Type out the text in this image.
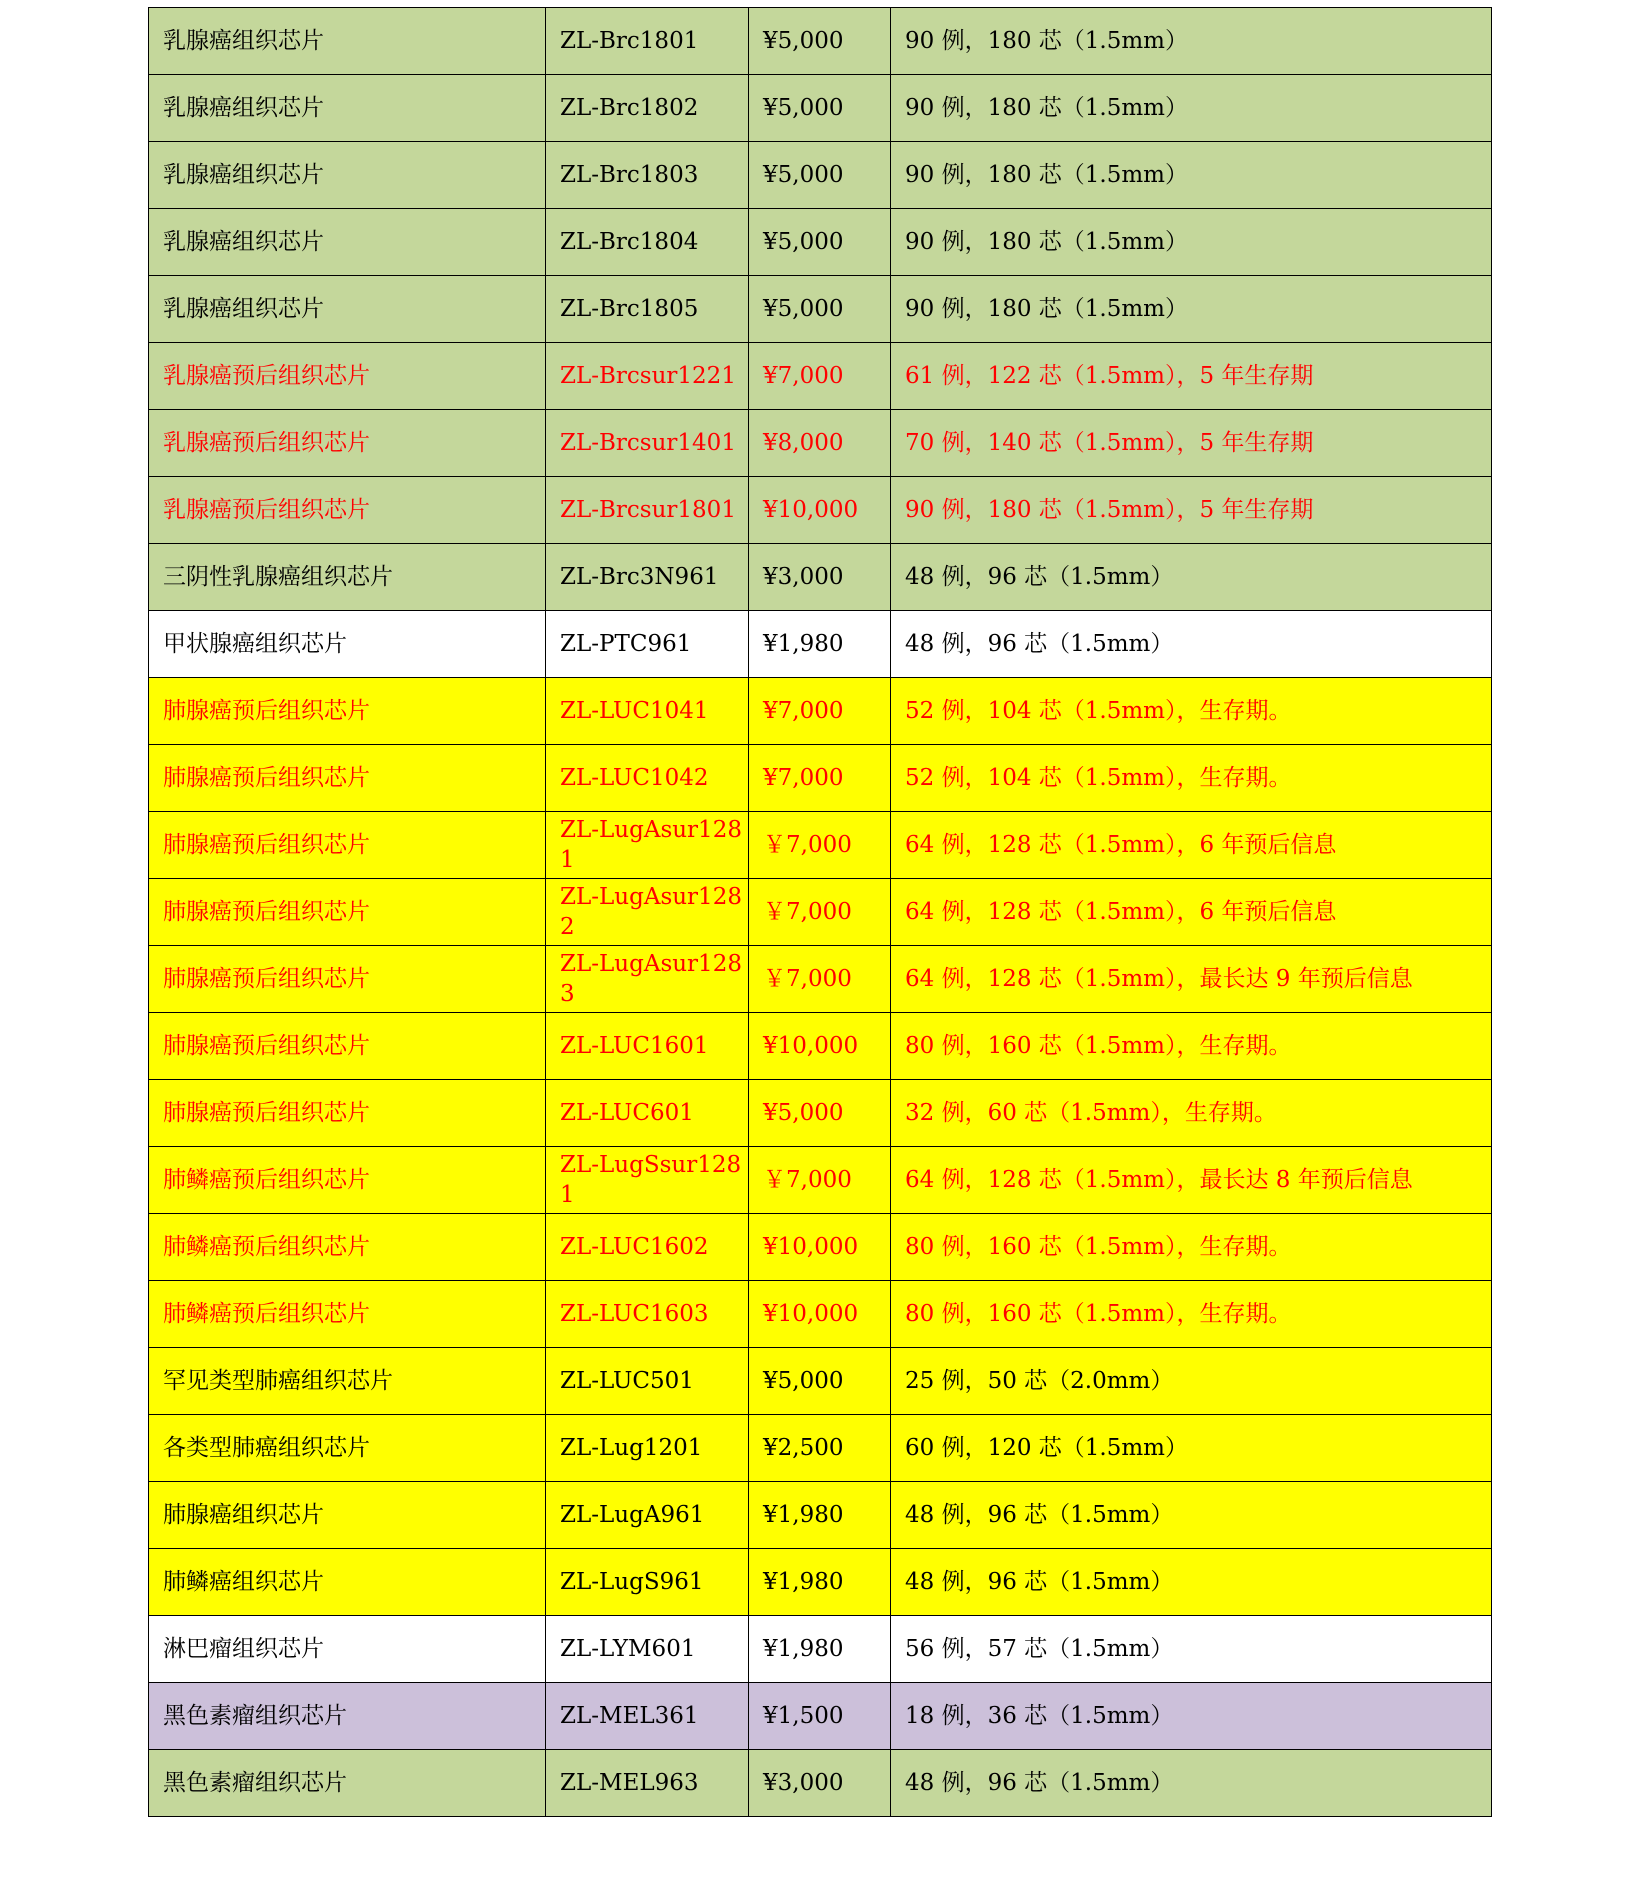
乳腺癌组织芯片	ZL-Brc1801	¥5,000	90 例，180 芯（1.5mm）
乳腺癌组织芯片	ZL-Brc1802	¥5,000	90 例，180 芯（1.5mm）
乳腺癌组织芯片	ZL-Brc1803	¥5,000	90 例，180 芯（1.5mm）
乳腺癌组织芯片	ZL-Brc1804	¥5,000	90 例，180 芯（1.5mm）
乳腺癌组织芯片	ZL-Brc1805	¥5,000	90 例，180 芯（1.5mm）
乳腺癌预后组织芯片	ZL-Brcsur1221	¥7,000	61 例，122 芯（1.5mm），5 年生存期
乳腺癌预后组织芯片	ZL-Brcsur1401	¥8,000	70 例，140 芯（1.5mm），5 年生存期
乳腺癌预后组织芯片	ZL-Brcsur1801	¥10,000	90 例，180 芯（1.5mm），5 年生存期
三阴性乳腺癌组织芯片	ZL-Brc3N961	¥3,000	48 例，96 芯（1.5mm）
甲状腺癌组织芯片	ZL-PTC961	¥1,980	48 例，96 芯（1.5mm）
肺腺癌预后组织芯片	ZL-LUC1041	¥7,000	52 例，104 芯（1.5mm），生存期。
肺腺癌预后组织芯片	ZL-LUC1042	¥7,000	52 例，104 芯（1.5mm），生存期。
肺腺癌预后组织芯片	ZL-LugAsur1281	￥7,000	64 例，128 芯（1.5mm），6 年预后信息
肺腺癌预后组织芯片	ZL-LugAsur1282	￥7,000	64 例，128 芯（1.5mm），6 年预后信息
肺腺癌预后组织芯片	ZL-LugAsur1283	￥7,000	64 例，128 芯（1.5mm），最长达 9 年预后信息
肺腺癌预后组织芯片	ZL-LUC1601	¥10,000	80 例，160 芯（1.5mm），生存期。
肺腺癌预后组织芯片	ZL-LUC601	¥5,000	32 例，60 芯（1.5mm），生存期。
肺鳞癌预后组织芯片	ZL-LugSsur1281	￥7,000	64 例，128 芯（1.5mm），最长达 8 年预后信息
肺鳞癌预后组织芯片	ZL-LUC1602	¥10,000	80 例，160 芯（1.5mm），生存期。
肺鳞癌预后组织芯片	ZL-LUC1603	¥10,000	80 例，160 芯（1.5mm），生存期。
罕见类型肺癌组织芯片	ZL-LUC501	¥5,000	25 例，50 芯（2.0mm）
各类型肺癌组织芯片	ZL-Lug1201	¥2,500	60 例，120 芯（1.5mm）
肺腺癌组织芯片	ZL-LugA961	¥1,980	48 例，96 芯（1.5mm）
肺鳞癌组织芯片	ZL-LugS961	¥1,980	48 例，96 芯（1.5mm）
淋巴瘤组织芯片	ZL-LYM601	¥1,980	56 例，57 芯（1.5mm）
黑色素瘤组织芯片	ZL-MEL361	¥1,500	18 例，36 芯（1.5mm）
黑色素瘤组织芯片	ZL-MEL963	¥3,000	48 例，96 芯（1.5mm）
